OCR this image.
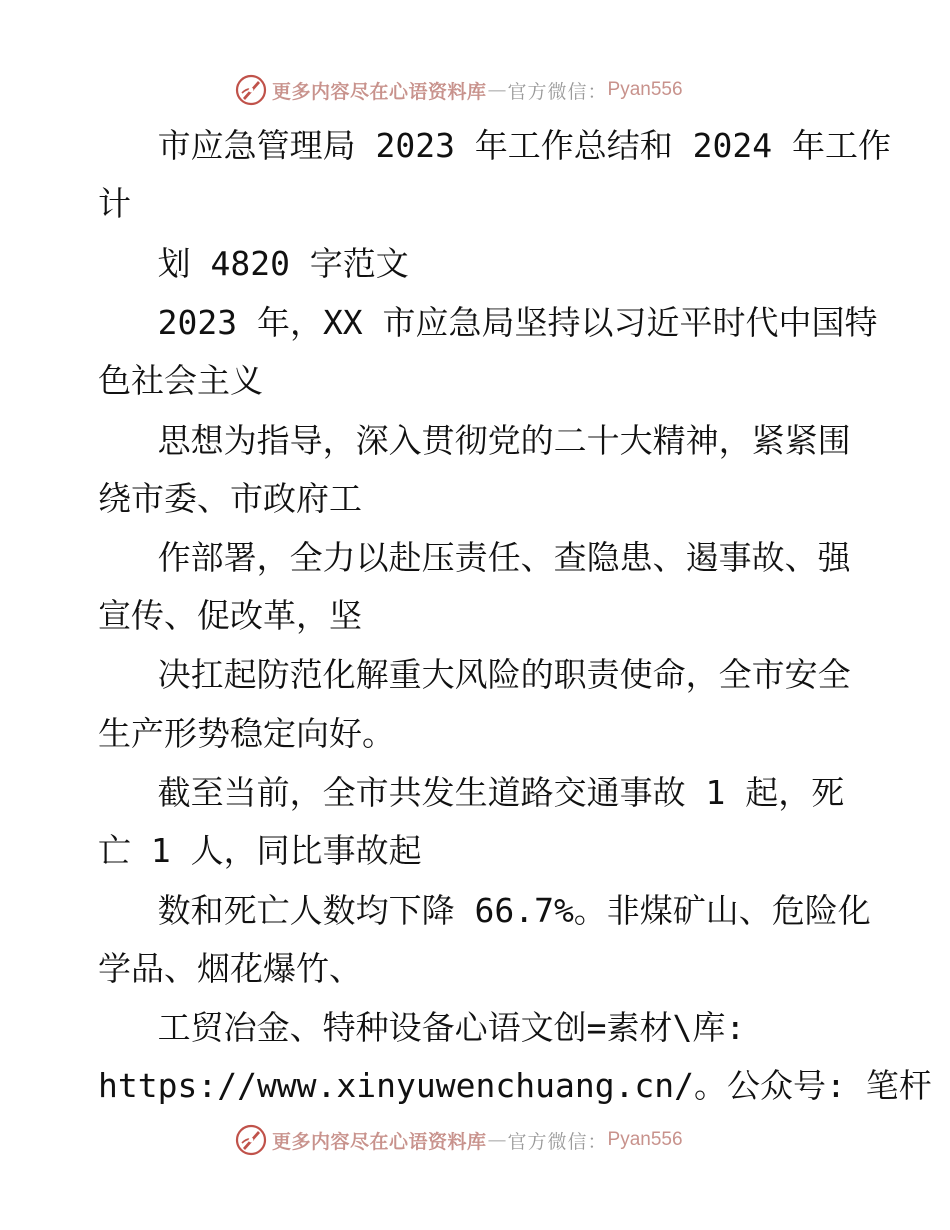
更多内容尽在心语资料库 — 官方微信： Pyan556

市应急管理局 2023 年工作总结和 2024 年工作

计

划 4820 字范文

2023 年，XX 市应急局坚持以习近平时代中国特

色社会主义

思想为指导，深入贯彻党的二十大精神，紧紧围

绕市委、市政府工

作部署，全力以赴压责任、查隐患、遏事故、强

宣传、促改革，坚

决扛起防范化解重大风险的职责使命，全市安全

生产形势稳定向好。

截至当前，全市共发生道路交通事故 1 起，死

亡 1 人，同比事故起

数和死亡人数均下降 66.7%。非煤矿山、危险化

学品、烟花爆竹、

工贸冶金、特种设备心语文创=素材\库:

https://www.xinyuwenchuang.cn/。公众号: 笔杆

更多内容尽在心语资料库 — 官方微信： Pyan556
